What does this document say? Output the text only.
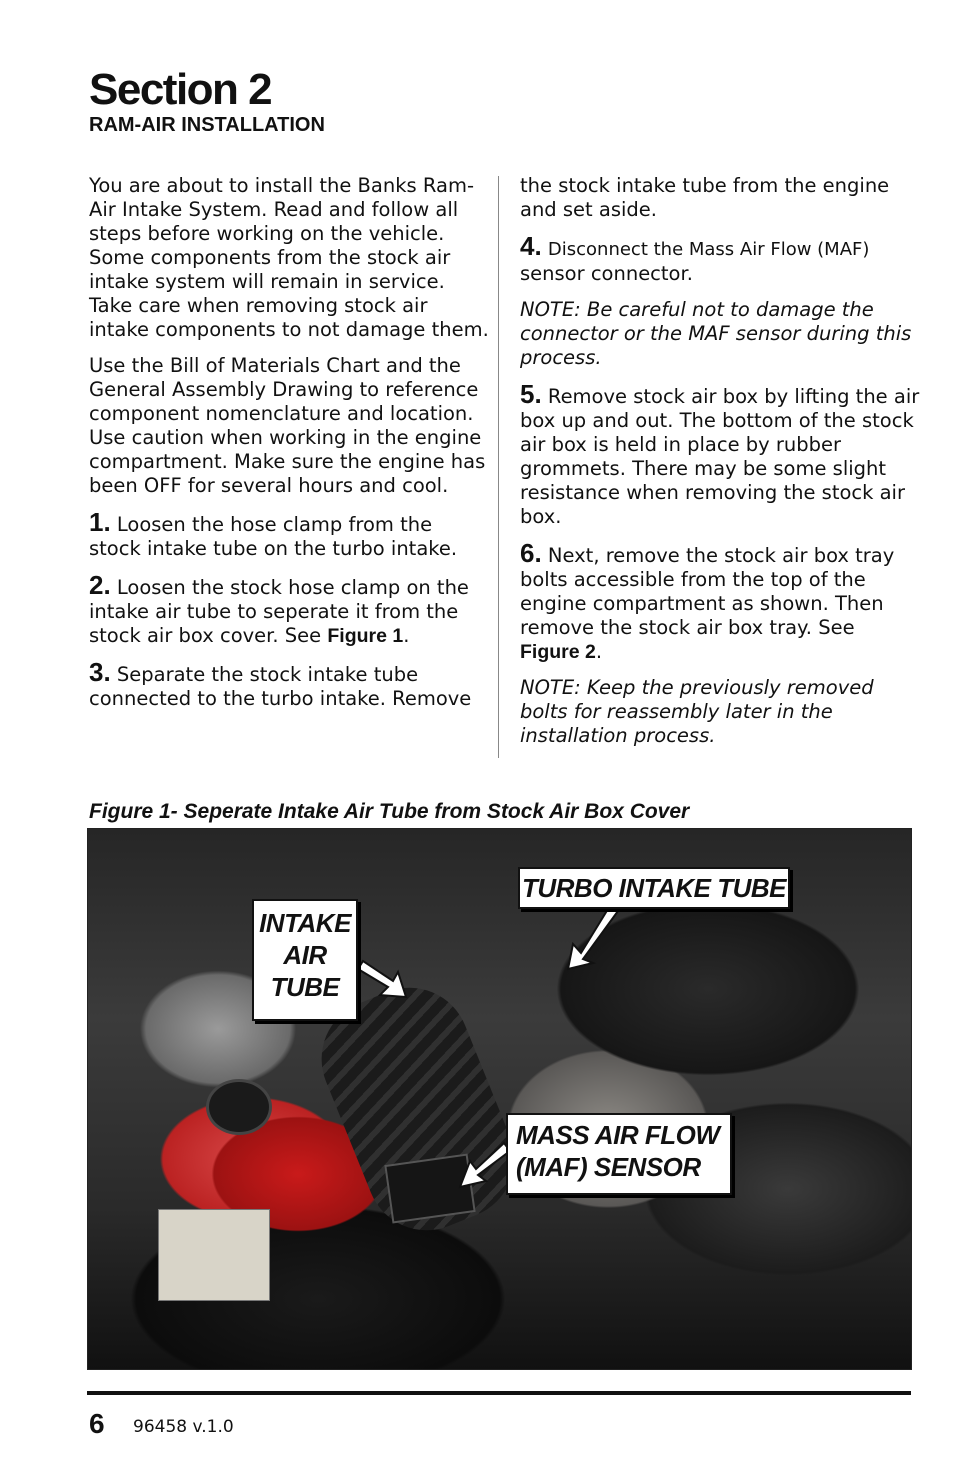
Section 2
RAM-AIR INSTALLATION

You are about to install the Banks Ram-Air Intake System. Read and follow all steps before working on the vehicle. Some components from the stock air intake system will remain in service. Take care when removing stock air intake components to not damage them.

Use the Bill of Materials Chart and the General Assembly Drawing to reference component nomenclature and location. Use caution when working in the engine compartment. Make sure the engine has been OFF for several hours and cool.

1. Loosen the hose clamp from the stock intake tube on the turbo intake.

2. Loosen the stock hose clamp on the intake air tube to seperate it from the stock air box cover. See Figure 1.

3. Separate the stock intake tube connected to the turbo intake. Remove

the stock intake tube from the engine and set aside.

4. Disconnect the Mass Air Flow (MAF)
sensor connector.

NOTE: Be careful not to damage the connector or the MAF sensor during this process.

5. Remove stock air box by lifting the air box up and out. The bottom of the stock air box is held in place by rubber grommets. There may be some slight resistance when removing the stock air box.

6. Next, remove the stock air box tray bolts accessible from the top of the engine compartment as shown. Then remove the stock air box tray. See Figure 2.

NOTE: Keep the previously removed bolts for reassembly later in the installation process.

Figure 1- Seperate Intake Air Tube from Stock Air Box Cover
TURBO INTAKE TUBE
INTAKE
AIR
TUBE
MASS AIR FLOW
(MAF) SENSOR
6 96458 v.1.0
